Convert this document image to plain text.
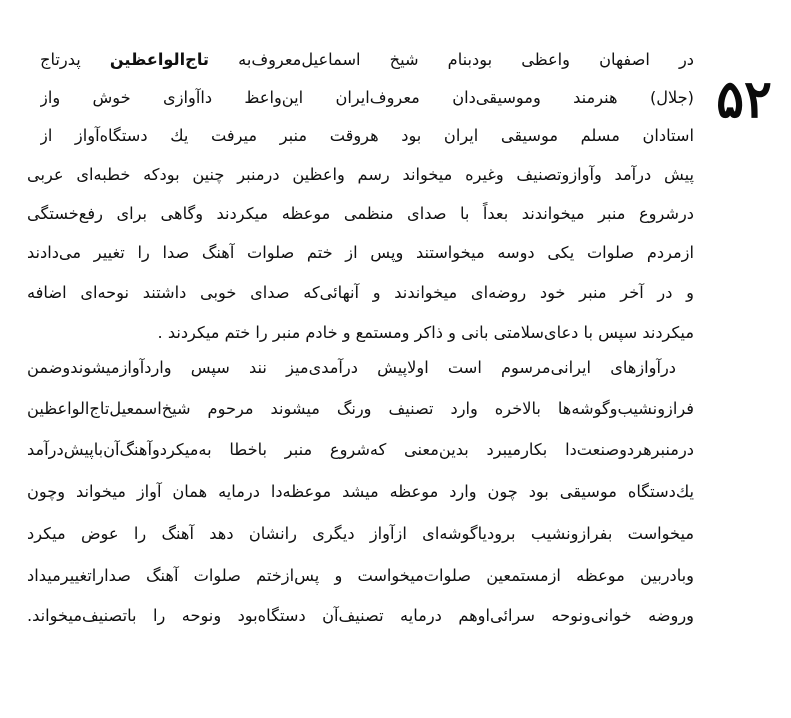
۵۲
در اصفهان واعظی بودبنام شیخ اسماعیل‌معروف‌به تاج‌الواعظین پدرتاج
(جلال) هنرمند وموسیقی‌دان معروف‌ایران این‌واعظ داآوازی خوش واز
استادان مسلم موسیقی ایران بود هروقت منبر میرفت یك دستگاه‌آواز از
پیش درآمد وآوازوتصنیف وغیره میخواند رسم واعظین درمنبر چنین بودکه خطبه‌ای عربی
درشروع منبر میخواندند بعداً با صدای منظمی موعظه میکردند وگاهی برای رفع‌خستگی
ازمردم صلوات یکی دوسه میخواستند وپس از ختم صلوات آهنگ صدا را تغییر می‌دادند
و در آخر منبر خود روضه‌ای میخواندند و آنهائی‌که صدای خوبی داشتند نوحه‌ای اضافه
میکردند سپس با دعای‌سلامتی بانی و ذاکر ومستمع و خادم منبر را ختم میکردند .
درآوازهای ایرانی‌مرسوم است اولاپیش درآمدی‌میز نند سپس واردآوازمیشوندوضمن
فرازونشیب‌وگوشه‌ها بالاخره وارد تصنیف ورنگ میشوند مرحوم شیخ‌اسمعیل‌تاج‌الواعظین
درمنبرهردوصنعت‌دا بکارمیبرد بدین‌معنی که‌شروع منبر باخطا به‌میکردوآهنگ‌آن‌باپیش‌درآمد
یك‌دستگاه موسیقی بود چون وارد موعظه میشد موعظه‌دا درمایه همان آواز میخواند وچون
میخواست بفرازونشیب برودیاگوشه‌ای ازآواز دیگری رانشان دهد آهنگ را عوض میکرد
وبادربین موعظه ازمستمعین صلوات‌میخواست و پس‌ازختم صلوات آهنگ صدارا‌تغییرمیداد
وروضه خوانی‌ونوحه سرائی‌اوهم درمایه تصنیف‌آن دستگاه‌بود ونوحه را باتصنیف‌میخواند.
